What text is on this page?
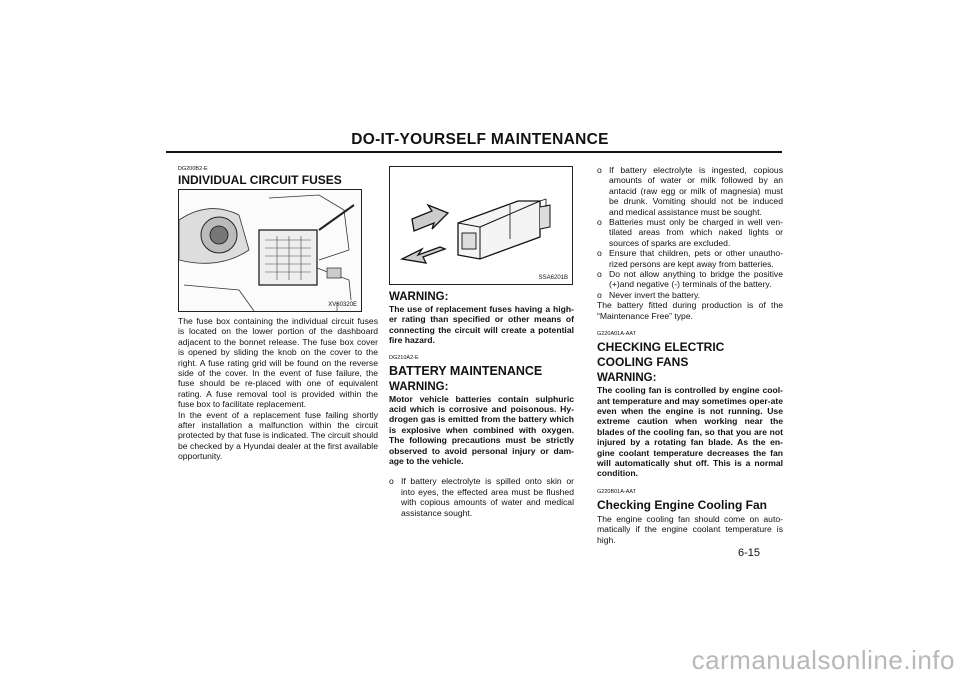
DO-IT-YOURSELF MAINTENANCE

DG200B2-E

INDIVIDUAL CIRCUIT FUSES

XV60320E

The fuse box containing the individual circuit fuses is located on the lower portion of the dashboard adjacent to the bonnet release. The fuse box cover is opened by sliding the knob on the cover to the right. A fuse rating grid will be found on the reverse side of the cover. In the event of fuse failure, the fuse should be re-placed with one of equivalent rating. A fuse removal tool is provided within the fuse box to facilitate replacement.

In the event of a replacement fuse failing shortly after installation a malfunction within the circuit protected by that fuse is indicated. The circuit should be checked by a Hyundai dealer at the first available opportunity.

SSA6201B

WARNING:

The use of replacement fuses having a high-er rating than specified or other means of connecting the circuit will create a potential fire hazard.

DG210A2-E

BATTERY MAINTENANCE

WARNING:

Motor vehicle batteries contain sulphuric acid which is corrosive and poisonous. Hy-drogen gas is emitted from the battery which is explosive when combined with oxygen. The following precautions must be strictly observed to avoid personal injury or dam-age to the vehicle.

o If battery electrolyte is spilled onto skin or into eyes, the effected area must be flushed with copious amounts of water and medical assistance sought.
o If battery electrolyte is ingested, copious amounts of water or milk followed by an antacid (raw egg or milk of magnesia) must be drunk. Vomiting should not be induced and medical assistance must be sought.
o Batteries must only be charged in well ven-tilated areas from which naked lights or sources of sparks are excluded.
o Ensure that children, pets or other unautho-rized persons are kept away from batteries.
o Do not allow anything to bridge the positive (+)and negative (-) terminals of the battery.
o Never invert the battery.

The battery fitted during production is of the “Maintenance Free” type.

G220A01A-AAT

CHECKING ELECTRIC COOLING FANS

WARNING:

The cooling fan is controlled by engine cool-ant temperature and may sometimes oper-ate even when the engine is not running. Use extreme caution when working near the blades of the cooling fan, so that you are not injured by a rotating fan blade. As the en-gine coolant temperature decreases the fan will automatically shut off. This is a normal condition.

G220B01A-AAT

Checking Engine Cooling Fan

The engine cooling fan should come on auto-matically if the engine coolant temperature is high.

6-15
carmanualsonline.info
